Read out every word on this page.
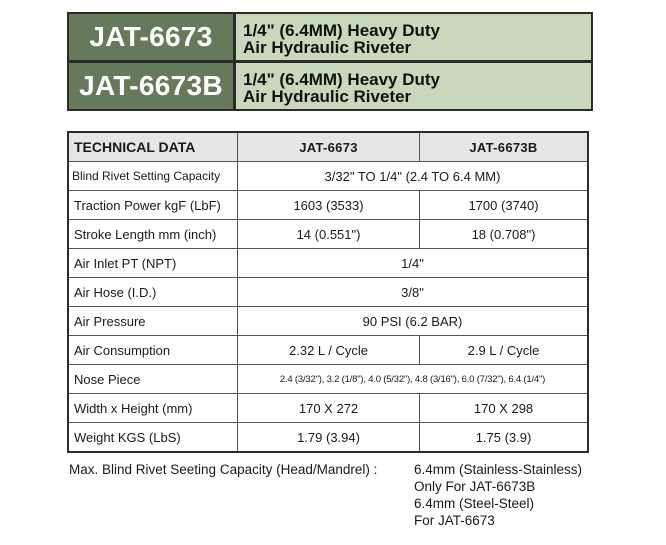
JAT-6673	1/4" (6.4MM) Heavy Duty
Air Hydraulic Riveter
JAT-6673B	1/4" (6.4MM) Heavy Duty
Air Hydraulic Riveter
TECHNICAL DATA	JAT-6673	JAT-6673B
Blind Rivet Setting Capacity	3/32" TO 1/4" (2.4 TO 6.4 MM)	
Traction Power kgF (LbF)	1603 (3533)	1700 (3740)
Stroke Length mm (inch)	14 (0.551")	18 (0.708")
Air Inlet PT (NPT)	1/4"	
Air Hose (I.D.)	3/8"	
Air Pressure	90 PSI (6.2 BAR)	
Air Consumption	2.32 L / Cycle	2.9 L / Cycle
Nose Piece	2.4 (3/32"), 3.2 (1/8"), 4.0 (5/32"), 4.8 (3/16"), 6.0 (7/32"), 6.4 (1/4")	
Width x Height (mm)	170 X 272	170 X 298
Weight KGS (LbS)	1.79 (3.94)	1.75 (3.9)
Max. Blind Rivet Seeting Capacity (Head/Mandrel) :	6.4mm (Stainless-Stainless)
Only For JAT-6673B
6.4mm (Steel-Steel)
For JAT-6673
